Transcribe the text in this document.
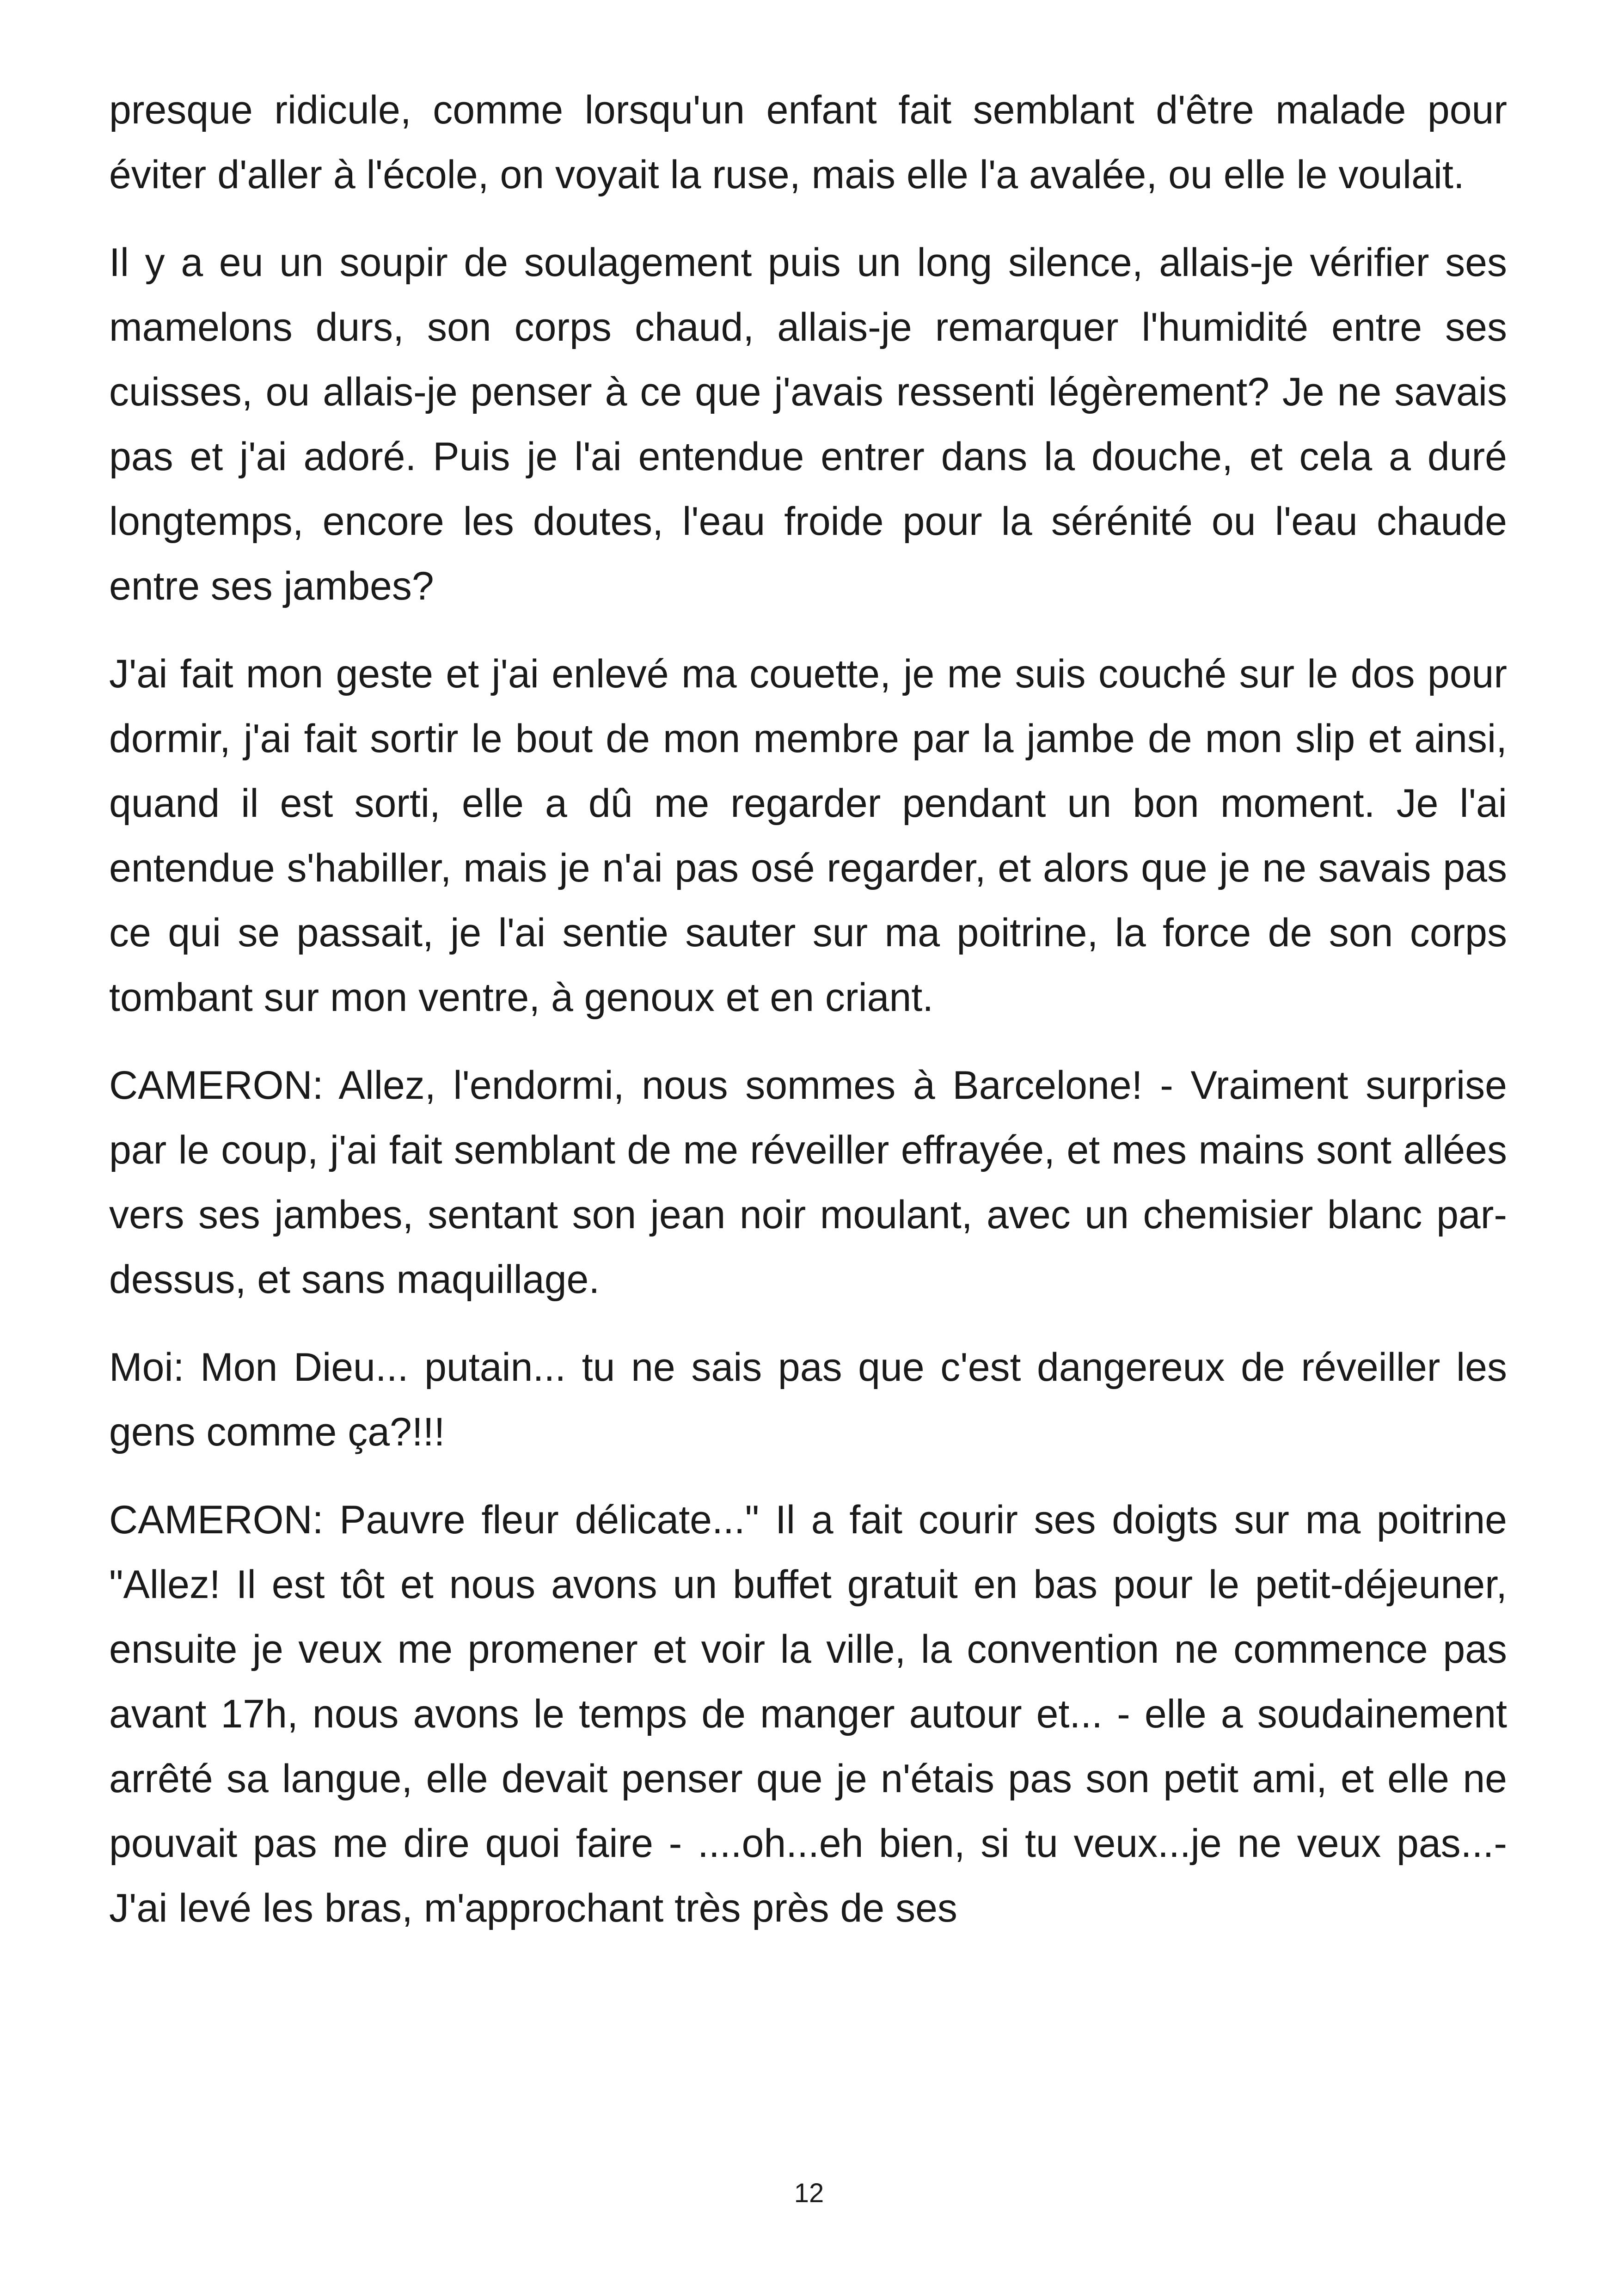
presque ridicule, comme lorsqu'un enfant fait semblant d'être malade pour éviter d'aller à l'école, on voyait la ruse, mais elle l'a avalée, ou elle le voulait.

Il y a eu un soupir de soulagement puis un long silence, allais-je vérifier ses mamelons durs, son corps chaud, allais-je remarquer l'humidité entre ses cuisses, ou allais-je penser à ce que j'avais ressenti légèrement? Je ne savais pas et j'ai adoré. Puis je l'ai entendue entrer dans la douche, et cela a duré longtemps, encore les doutes, l'eau froide pour la sérénité ou l'eau chaude entre ses jambes?

J'ai fait mon geste et j'ai enlevé ma couette, je me suis couché sur le dos pour dormir, j'ai fait sortir le bout de mon membre par la jambe de mon slip et ainsi, quand il est sorti, elle a dû me regarder pendant un bon moment. Je l'ai entendue s'habiller, mais je n'ai pas osé regarder, et alors que je ne savais pas ce qui se passait, je l'ai sentie sauter sur ma poitrine, la force de son corps tombant sur mon ventre, à genoux et en criant.

CAMERON: Allez, l'endormi, nous sommes à Barcelone! - Vraiment surprise par le coup, j'ai fait semblant de me réveiller effrayée, et mes mains sont allées vers ses jambes, sentant son jean noir moulant, avec un chemisier blanc par-dessus, et sans maquillage.

Moi: Mon Dieu... putain... tu ne sais pas que c'est dangereux de réveiller les gens comme ça?!!!

CAMERON: Pauvre fleur délicate..." Il a fait courir ses doigts sur ma poitrine "Allez! Il est tôt et nous avons un buffet gratuit en bas pour le petit-déjeuner, ensuite je veux me promener et voir la ville, la convention ne commence pas avant 17h, nous avons le temps de manger autour et... - elle a soudainement arrêté sa langue, elle devait penser que je n'étais pas son petit ami, et elle ne pouvait pas me dire quoi faire - ....oh...eh bien, si tu veux...je ne veux pas...- J'ai levé les bras, m'approchant très près de ses

12
